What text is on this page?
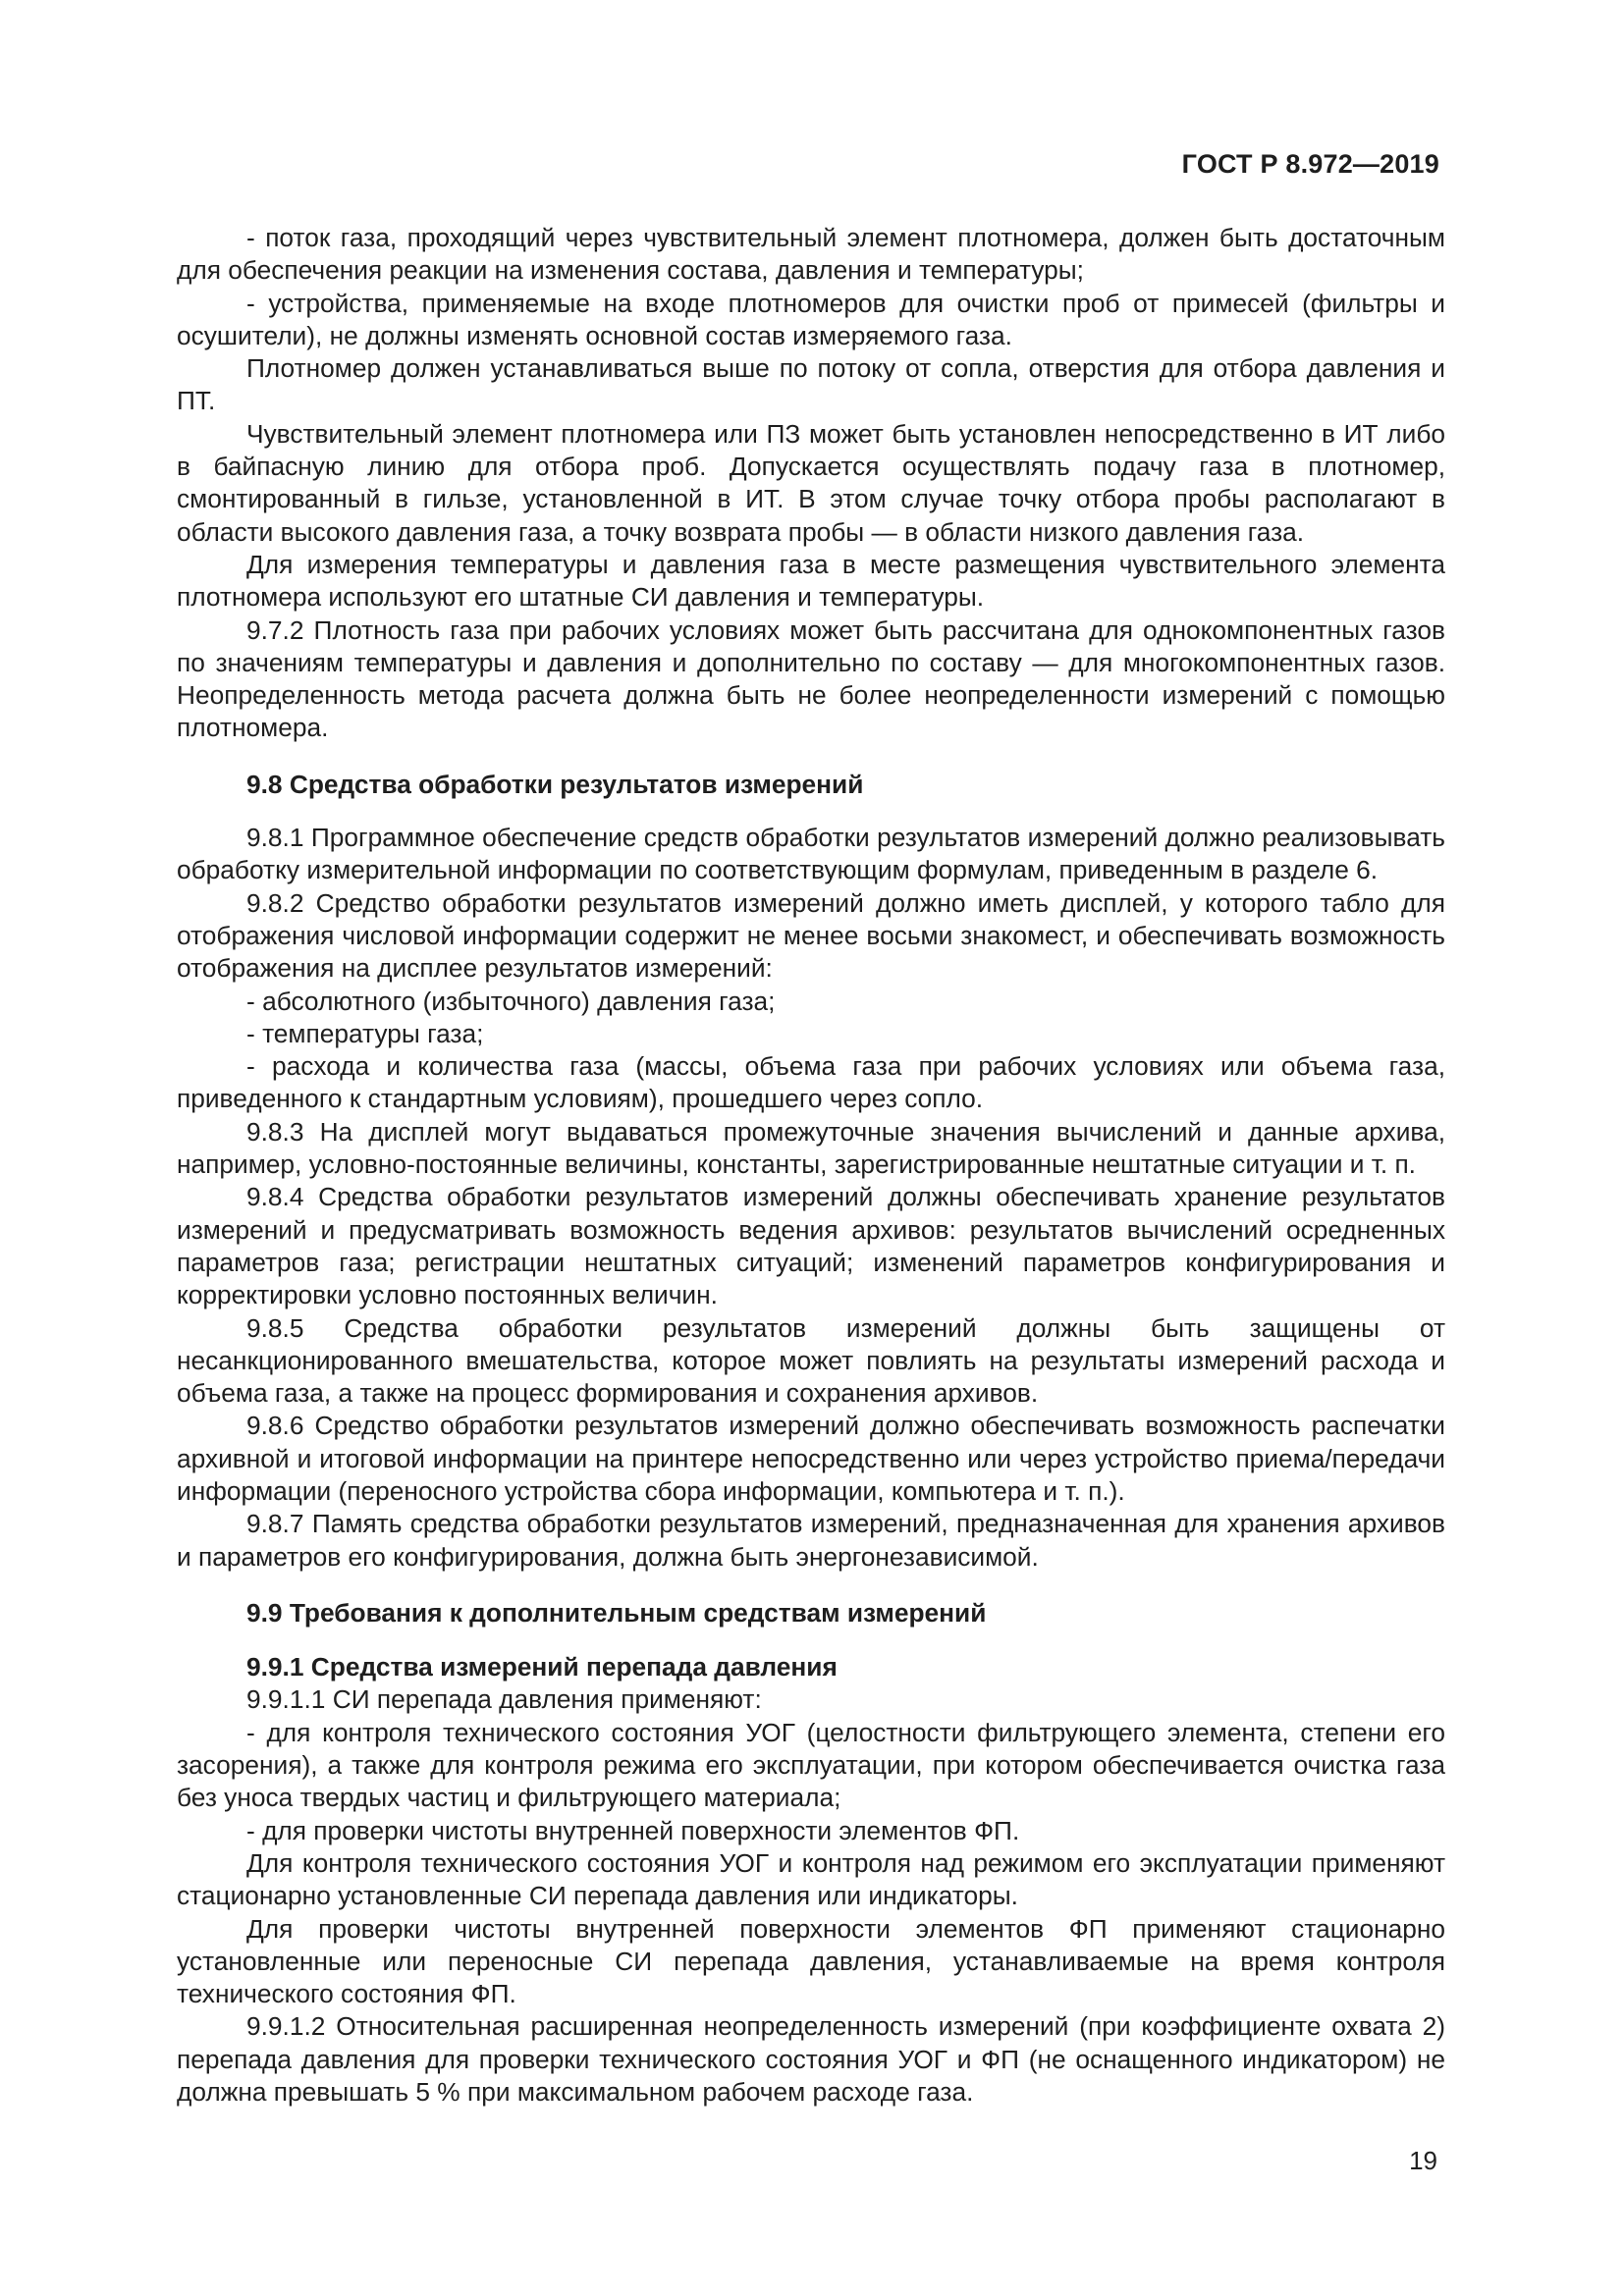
ГОСТ Р 8.972—2019

- поток газа, проходящий через чувствительный элемент плотномера, должен быть достаточным для обеспечения реакции на изменения состава, давления и температуры;

- устройства, применяемые на входе плотномеров для очистки проб от примесей (фильтры и осушители), не должны изменять основной состав измеряемого газа.

Плотномер должен устанавливаться выше по потоку от сопла, отверстия для отбора давления и ПТ.

Чувствительный элемент плотномера или ПЗ может быть установлен непосредственно в ИТ либо в байпасную линию для отбора проб. Допускается осуществлять подачу газа в плотномер, смонтированный в гильзе, установленной в ИТ. В этом случае точку отбора пробы располагают в области высокого давления газа, а точку возврата пробы — в области низкого давления газа.

Для измерения температуры и давления газа в месте размещения чувствительного элемента плотномера используют его штатные СИ давления и температуры.

9.7.2 Плотность газа при рабочих условиях может быть рассчитана для однокомпонентных газов по значениям температуры и давления и дополнительно по составу — для многокомпонентных газов. Неопределенность метода расчета должна быть не более неопределенности измерений с помощью плотномера.

9.8 Средства обработки результатов измерений

9.8.1 Программное обеспечение средств обработки результатов измерений должно реализовывать обработку измерительной информации по соответствующим формулам, приведенным в разделе 6.

9.8.2 Средство обработки результатов измерений должно иметь дисплей, у которого табло для отображения числовой информации содержит не менее восьми знакомест, и обеспечивать возможность отображения на дисплее результатов измерений:

- абсолютного (избыточного) давления газа;

- температуры газа;

- расхода и количества газа (массы, объема газа при рабочих условиях или объема газа, приведенного к стандартным условиям), прошедшего через сопло.

9.8.3 На дисплей могут выдаваться промежуточные значения вычислений и данные архива, например, условно-постоянные величины, константы, зарегистрированные нештатные ситуации и т. п.

9.8.4 Средства обработки результатов измерений должны обеспечивать хранение результатов измерений и предусматривать возможность ведения архивов: результатов вычислений осредненных параметров газа; регистрации нештатных ситуаций; изменений параметров конфигурирования и корректировки условно постоянных величин.

9.8.5 Средства обработки результатов измерений должны быть защищены от несанкционированного вмешательства, которое может повлиять на результаты измерений расхода и объема газа, а также на процесс формирования и сохранения архивов.

9.8.6 Средство обработки результатов измерений должно обеспечивать возможность распечатки архивной и итоговой информации на принтере непосредственно или через устройство приема/передачи информации (переносного устройства сбора информации, компьютера и т. п.).

9.8.7 Память средства обработки результатов измерений, предназначенная для хранения архивов и параметров его конфигурирования, должна быть энергонезависимой.

9.9 Требования к дополнительным средствам измерений
9.9.1 Средства измерений перепада давления

9.9.1.1 СИ перепада давления применяют:

- для контроля технического состояния УОГ (целостности фильтрующего элемента, степени его засорения), а также для контроля режима его эксплуатации, при котором обеспечивается очистка газа без уноса твердых частиц и фильтрующего материала;

- для проверки чистоты внутренней поверхности элементов ФП.

Для контроля технического состояния УОГ и контроля над режимом его эксплуатации применяют стационарно установленные СИ перепада давления или индикаторы.

Для проверки чистоты внутренней поверхности элементов ФП применяют стационарно установленные или переносные СИ перепада давления, устанавливаемые на время контроля технического состояния ФП.

9.9.1.2 Относительная расширенная неопределенность измерений (при коэффициенте охвата 2) перепада давления для проверки технического состояния УОГ и ФП (не оснащенного индикатором) не должна превышать 5 % при максимальном рабочем расходе газа.

19
